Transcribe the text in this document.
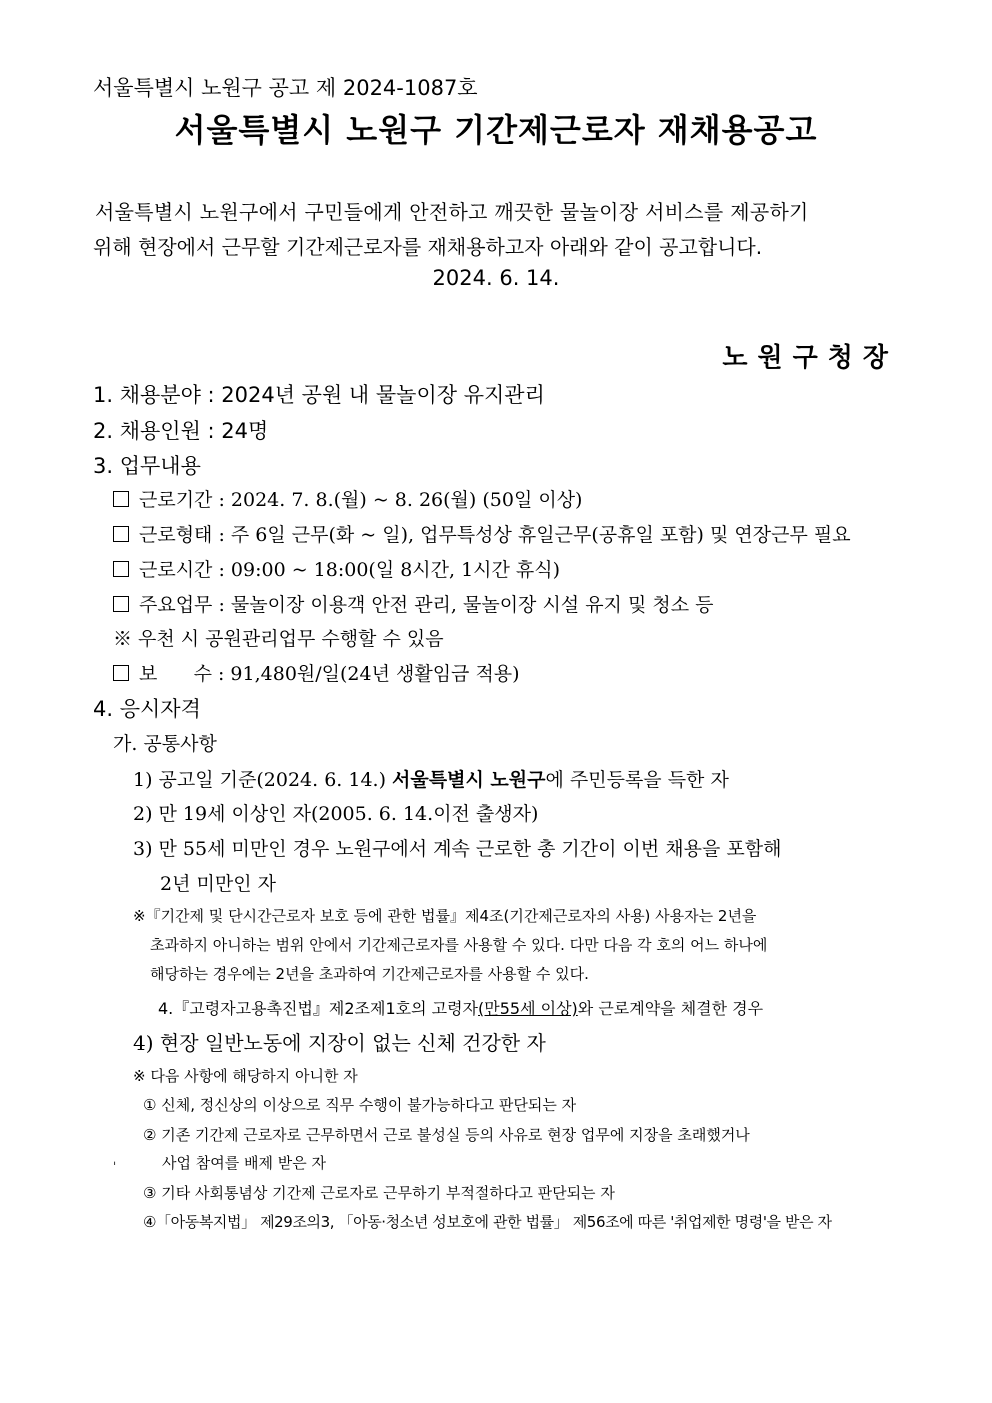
서울특별시 노원구 공고 제 2024-1087호
서울특별시 노원구 기간제근로자 재채용공고
서울특별시 노원구에서 구민들에게 안전하고 깨끗한 물놀이장 서비스를 제공하기
위해 현장에서 근무할 기간제근로자를 재채용하고자 아래와 같이 공고합니다.
2024. 6. 14.
노원구청장
1. 채용분야 : 2024년 공원 내 물놀이장 유지관리
2. 채용인원 : 24명
3. 업무내용
근로기간 : 2024. 7. 8.(월) ~ 8. 26(월) (50일 이상)
근로형태 : 주 6일 근무(화 ~ 일), 업무특성상 휴일근무(공휴일 포함) 및 연장근무 필요
근로시간 : 09:00 ~ 18:00(일 8시간, 1시간 휴식)
주요업무 : 물놀이장 이용객 안전 관리, 물놀이장 시설 유지 및 청소 등
※ 우천 시 공원관리업무 수행할 수 있음
보      수 : 91,480원/일(24년 생활임금 적용)
4. 응시자격
가. 공통사항
1) 공고일 기준(2024. 6. 14.) 서울특별시 노원구에 주민등록을 득한 자
2) 만 19세 이상인 자(2005. 6. 14.이전 출생자)
3) 만 55세 미만인 경우 노원구에서 계속 근로한 총 기간이 이번 채용을 포함해
2년 미만인 자
※『기간제 및 단시간근로자 보호 등에 관한 법률』제4조(기간제근로자의 사용) 사용자는 2년을
초과하지 아니하는 범위 안에서 기간제근로자를 사용할 수 있다. 다만 다음 각 호의 어느 하나에
해당하는 경우에는 2년을 초과하여 기간제근로자를 사용할 수 있다.
4.『고령자고용촉진법』제2조제1호의 고령자(만55세 이상)와 근로계약을 체결한 경우
4) 현장 일반노동에 지장이 없는 신체 건강한 자
※ 다음 사항에 해당하지 아니한 자
① 신체, 정신상의 이상으로 직무 수행이 불가능하다고 판단되는 자
② 기존 기간제 근로자로 근무하면서 근로 불성실 등의 사유로 현장 업무에 지장을 초래했거나
ˌ	사업 참여를 배제 받은 자
③ 기타 사회통념상 기간제 근로자로 근무하기 부적절하다고 판단되는 자
④「아동복지법」 제29조의3, 「아동·청소년 성보호에 관한 법률」 제56조에 따른 '취업제한 명령'을 받은 자
